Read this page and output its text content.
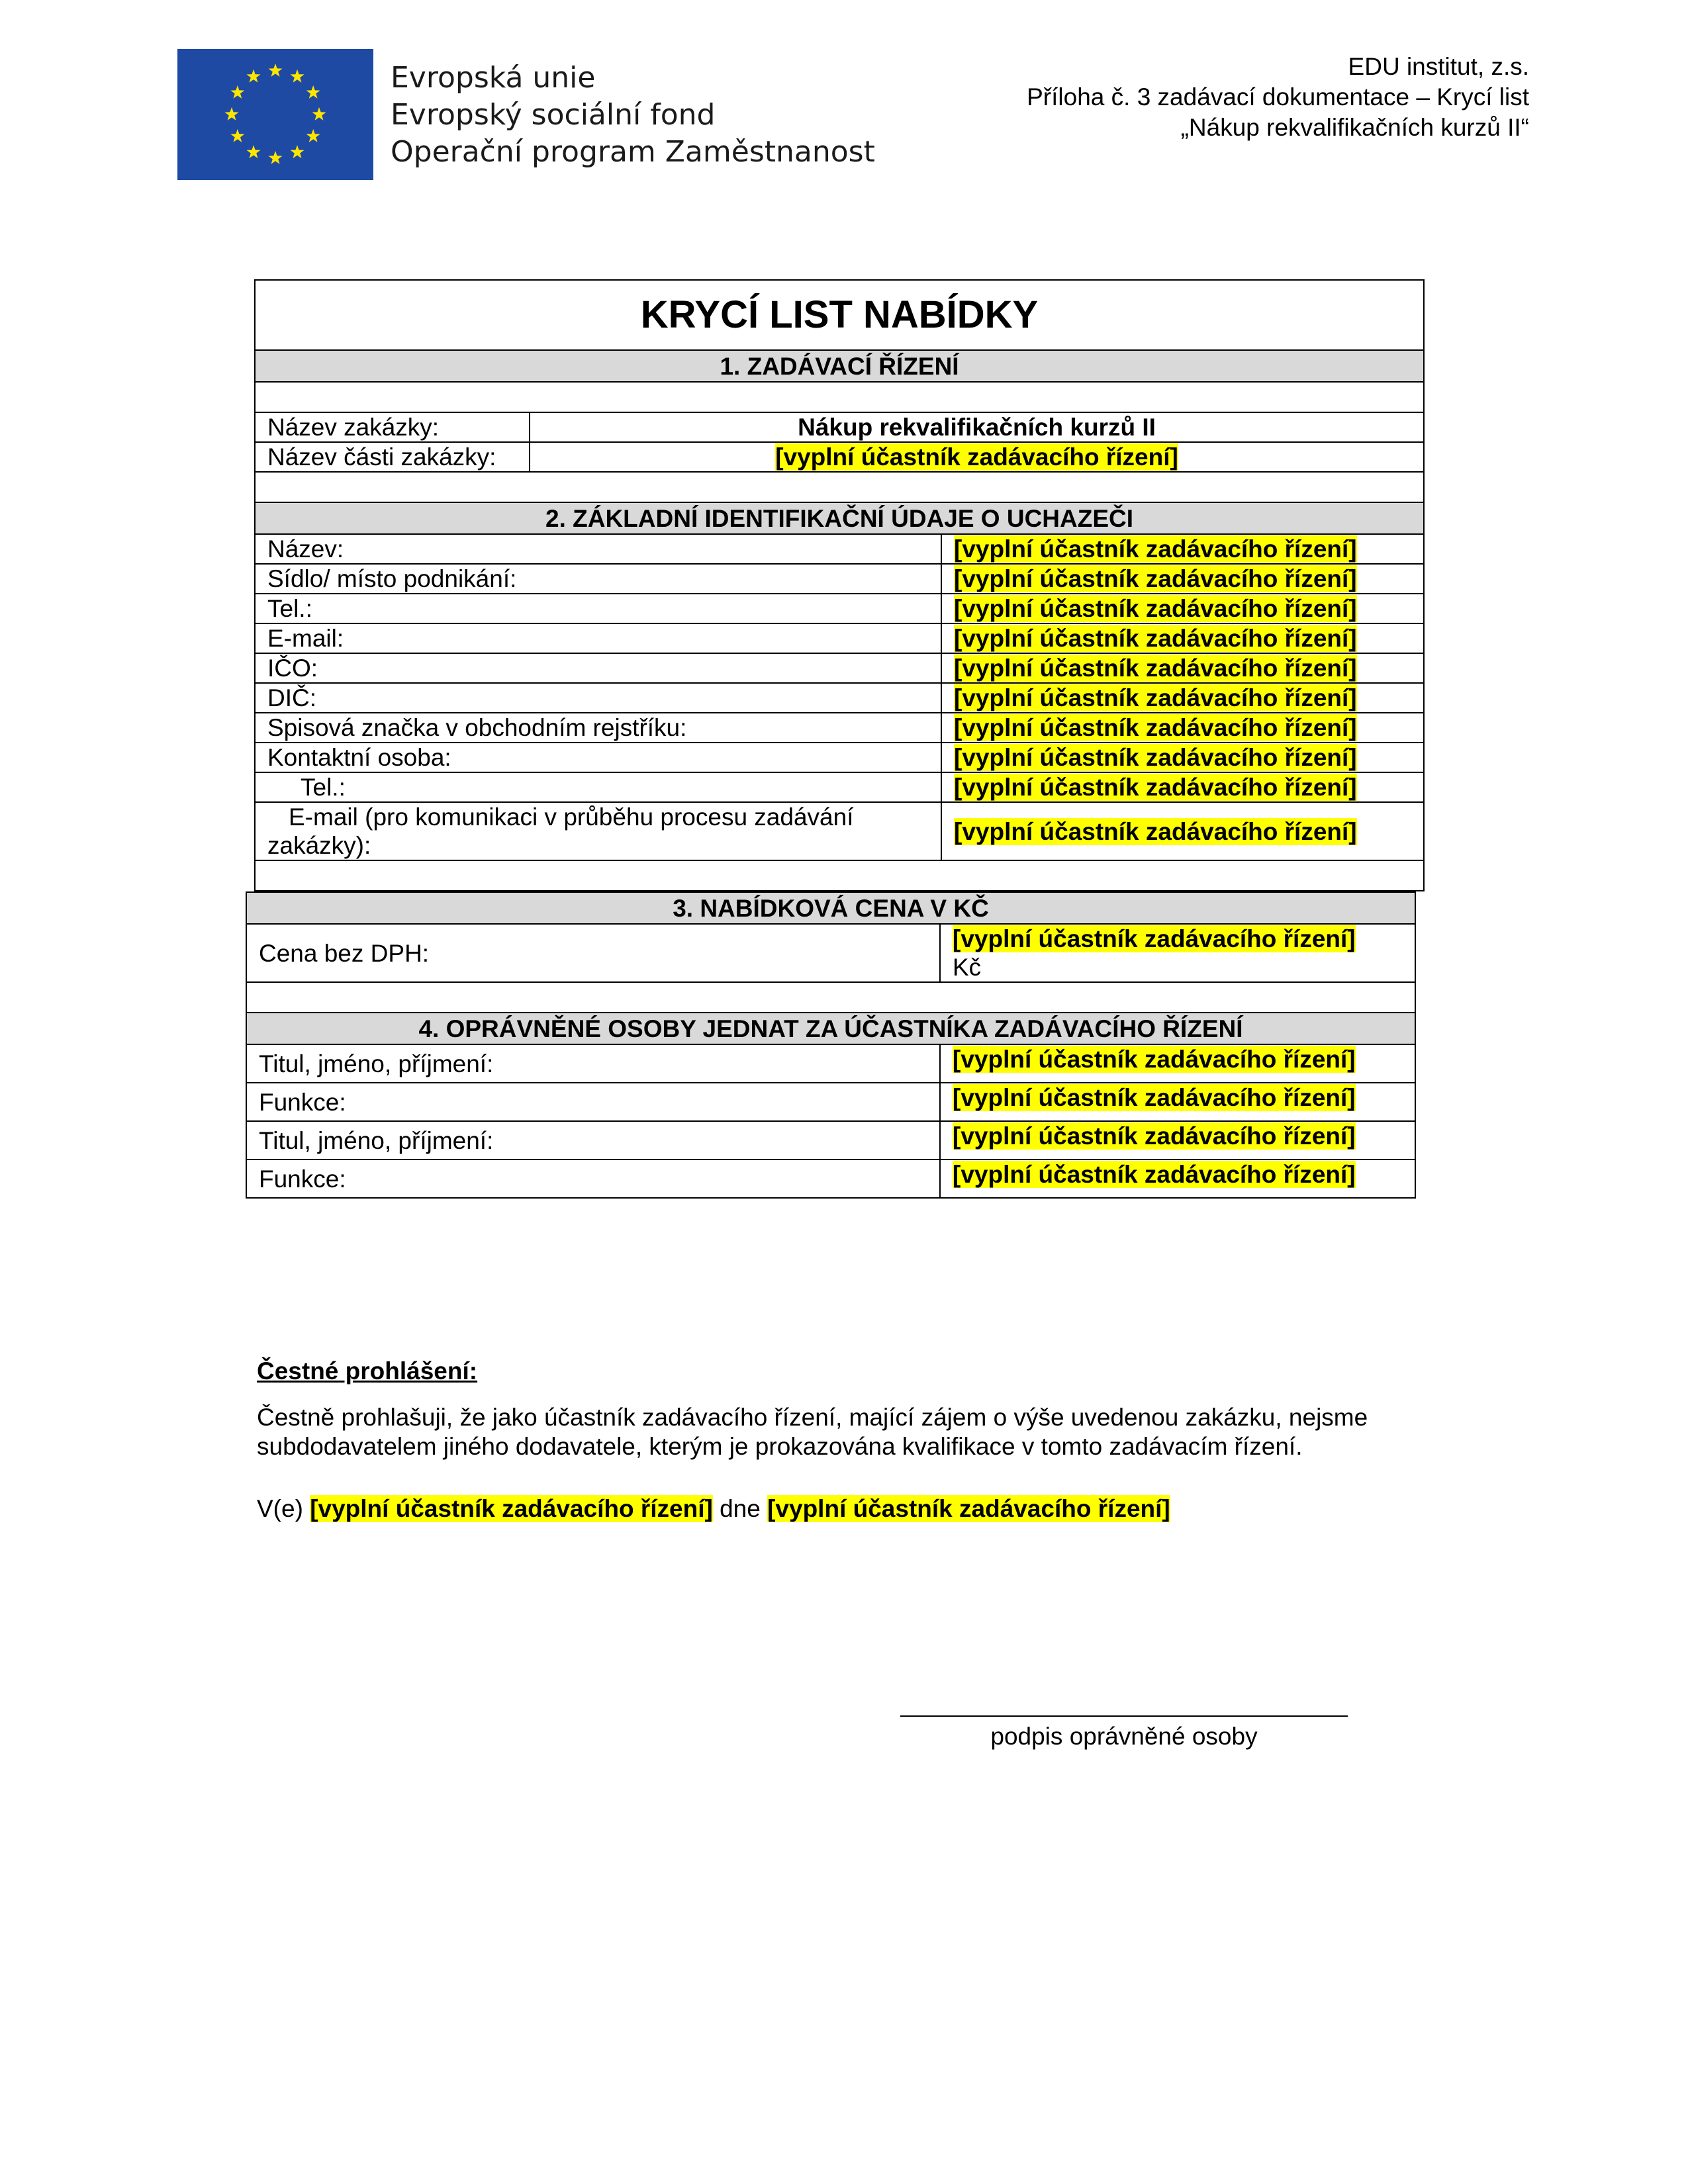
Evropská unie
Evropský sociální fond
Operační program Zaměstnanost
EDU institut, z.s.
Příloha č. 3 zadávací dokumentace – Krycí list
„Nákup rekvalifikačních kurzů II“
KRYCÍ LIST NABÍDKY		
1. ZADÁVACÍ ŘÍZENÍ		

Název zakázky:	Nákup rekvalifikačních kurzů II	
Název části zakázky:	[vyplní účastník zadávacího řízení]	

2. ZÁKLADNÍ IDENTIFIKAČNÍ ÚDAJE O UCHAZEČI		
Název:		[vyplní účastník zadávacího řízení]
Sídlo/ místo podnikání:		[vyplní účastník zadávacího řízení]
Tel.:		[vyplní účastník zadávacího řízení]
E-mail:		[vyplní účastník zadávacího řízení]
IČO:		[vyplní účastník zadávacího řízení]
DIČ:		[vyplní účastník zadávacího řízení]
Spisová značka v obchodním rejstříku:		[vyplní účastník zadávacího řízení]
Kontaktní osoba:		[vyplní účastník zadávacího řízení]
Tel.:		[vyplní účastník zadávacího řízení]
E-mail (pro komunikaci v průběhu procesu zadávání zakázky):		[vyplní účastník zadávacího řízení]

3. NABÍDKOVÁ CENA V KČ	
Cena bez DPH:	[vyplní účastník zadávacího řízení]
Kč

4. OPRÁVNĚNÉ OSOBY JEDNAT ZA ÚČASTNÍKA ZADÁVACÍHO ŘÍZENÍ	
Titul, jméno, příjmení:	[vyplní účastník zadávacího řízení]
Funkce:	[vyplní účastník zadávacího řízení]
Titul, jméno, příjmení:	[vyplní účastník zadávacího řízení]
Funkce:	[vyplní účastník zadávacího řízení]
Čestné prohlášení:
Čestně prohlašuji, že jako účastník zadávacího řízení, mající zájem o výše uvedenou zakázku, nejsme subdodavatelem jiného dodavatele, kterým je prokazována kvalifikace v tomto zadávacím řízení.
V(e) [vyplní účastník zadávacího řízení] dne [vyplní účastník zadávacího řízení]
podpis oprávněné osoby
